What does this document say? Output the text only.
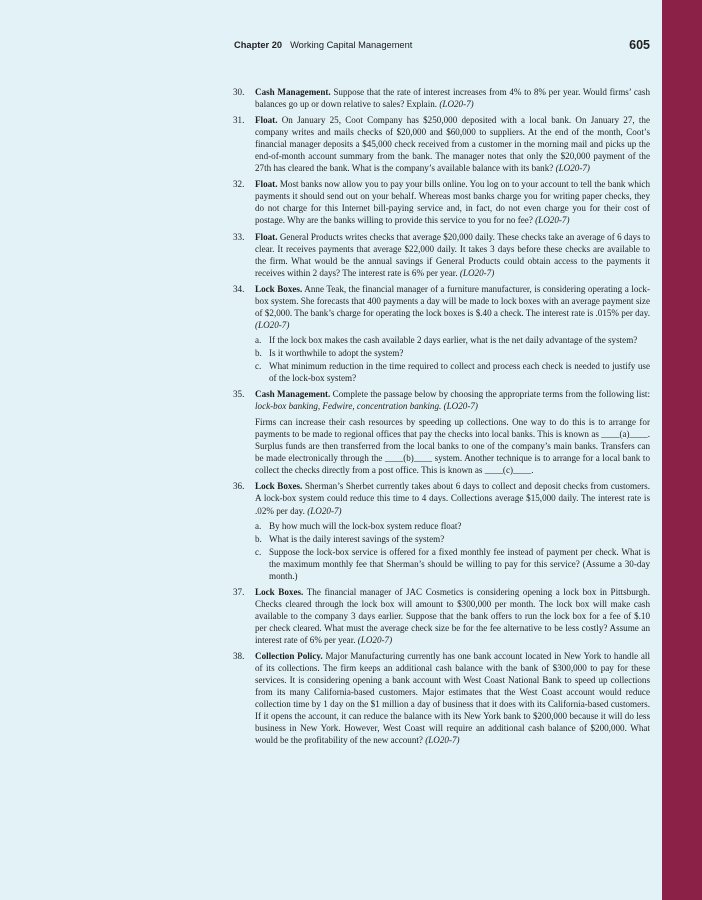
Chapter 20 Working Capital Management	605
30. Cash Management. Suppose that the rate of interest increases from 4% to 8% per year. Would firms’ cash balances go up or down relative to sales? Explain. (LO20-7)
31. Float. On January 25, Coot Company has $250,000 deposited with a local bank. On January 27, the company writes and mails checks of $20,000 and $60,000 to suppliers. At the end of the month, Coot’s financial manager deposits a $45,000 check received from a customer in the morning mail and picks up the end-of-month account summary from the bank. The manager notes that only the $20,000 payment of the 27th has cleared the bank. What is the company’s available balance with its bank? (LO20-7)
32. Float. Most banks now allow you to pay your bills online. You log on to your account to tell the bank which payments it should send out on your behalf. Whereas most banks charge you for writing paper checks, they do not charge for this Internet bill-paying service and, in fact, do not even charge you for their cost of postage. Why are the banks willing to provide this service to you for no fee? (LO20-7)
33. Float. General Products writes checks that average $20,000 daily. These checks take an average of 6 days to clear. It receives payments that average $22,000 daily. It takes 3 days before these checks are available to the firm. What would be the annual savings if General Products could obtain access to the payments it receives within 2 days? The interest rate is 6% per year. (LO20-7)
34. Lock Boxes. Anne Teak, the financial manager of a furniture manufacturer, is considering operating a lock-box system. She forecasts that 400 payments a day will be made to lock boxes with an average payment size of $2,000. The bank’s charge for operating the lock boxes is $.40 a check. The interest rate is .015% per day. (LO20-7)
a. If the lock box makes the cash available 2 days earlier, what is the net daily advantage of the system?
b. Is it worthwhile to adopt the system?
c. What minimum reduction in the time required to collect and process each check is needed to justify use of the lock-box system?
35. Cash Management. Complete the passage below by choosing the appropriate terms from the following list: lock-box banking, Fedwire, concentration banking. (LO20-7)
Firms can increase their cash resources by speeding up collections. One way to do this is to arrange for payments to be made to regional offices that pay the checks into local banks. This is known as ____(a)____. Surplus funds are then transferred from the local banks to one of the company’s main banks. Transfers can be made electronically through the ____(b)____ system. Another technique is to arrange for a local bank to collect the checks directly from a post office. This is known as ____(c)____.
36. Lock Boxes. Sherman’s Sherbet currently takes about 6 days to collect and deposit checks from customers. A lock-box system could reduce this time to 4 days. Collections average $15,000 daily. The interest rate is .02% per day. (LO20-7)
a. By how much will the lock-box system reduce float?
b. What is the daily interest savings of the system?
c. Suppose the lock-box service is offered for a fixed monthly fee instead of payment per check. What is the maximum monthly fee that Sherman’s should be willing to pay for this service? (Assume a 30-day month.)
37. Lock Boxes. The financial manager of JAC Cosmetics is considering opening a lock box in Pittsburgh. Checks cleared through the lock box will amount to $300,000 per month. The lock box will make cash available to the company 3 days earlier. Suppose that the bank offers to run the lock box for a fee of $.10 per check cleared. What must the average check size be for the fee alternative to be less costly? Assume an interest rate of 6% per year. (LO20-7)
38. Collection Policy. Major Manufacturing currently has one bank account located in New York to handle all of its collections. The firm keeps an additional cash balance with the bank of $300,000 to pay for these services. It is considering opening a bank account with West Coast National Bank to speed up collections from its many California-based customers. Major estimates that the West Coast account would reduce collection time by 1 day on the $1 million a day of business that it does with its California-based customers. If it opens the account, it can reduce the balance with its New York bank to $200,000 because it will do less business in New York. However, West Coast will require an additional cash balance of $200,000. What would be the profitability of the new account? (LO20-7)
